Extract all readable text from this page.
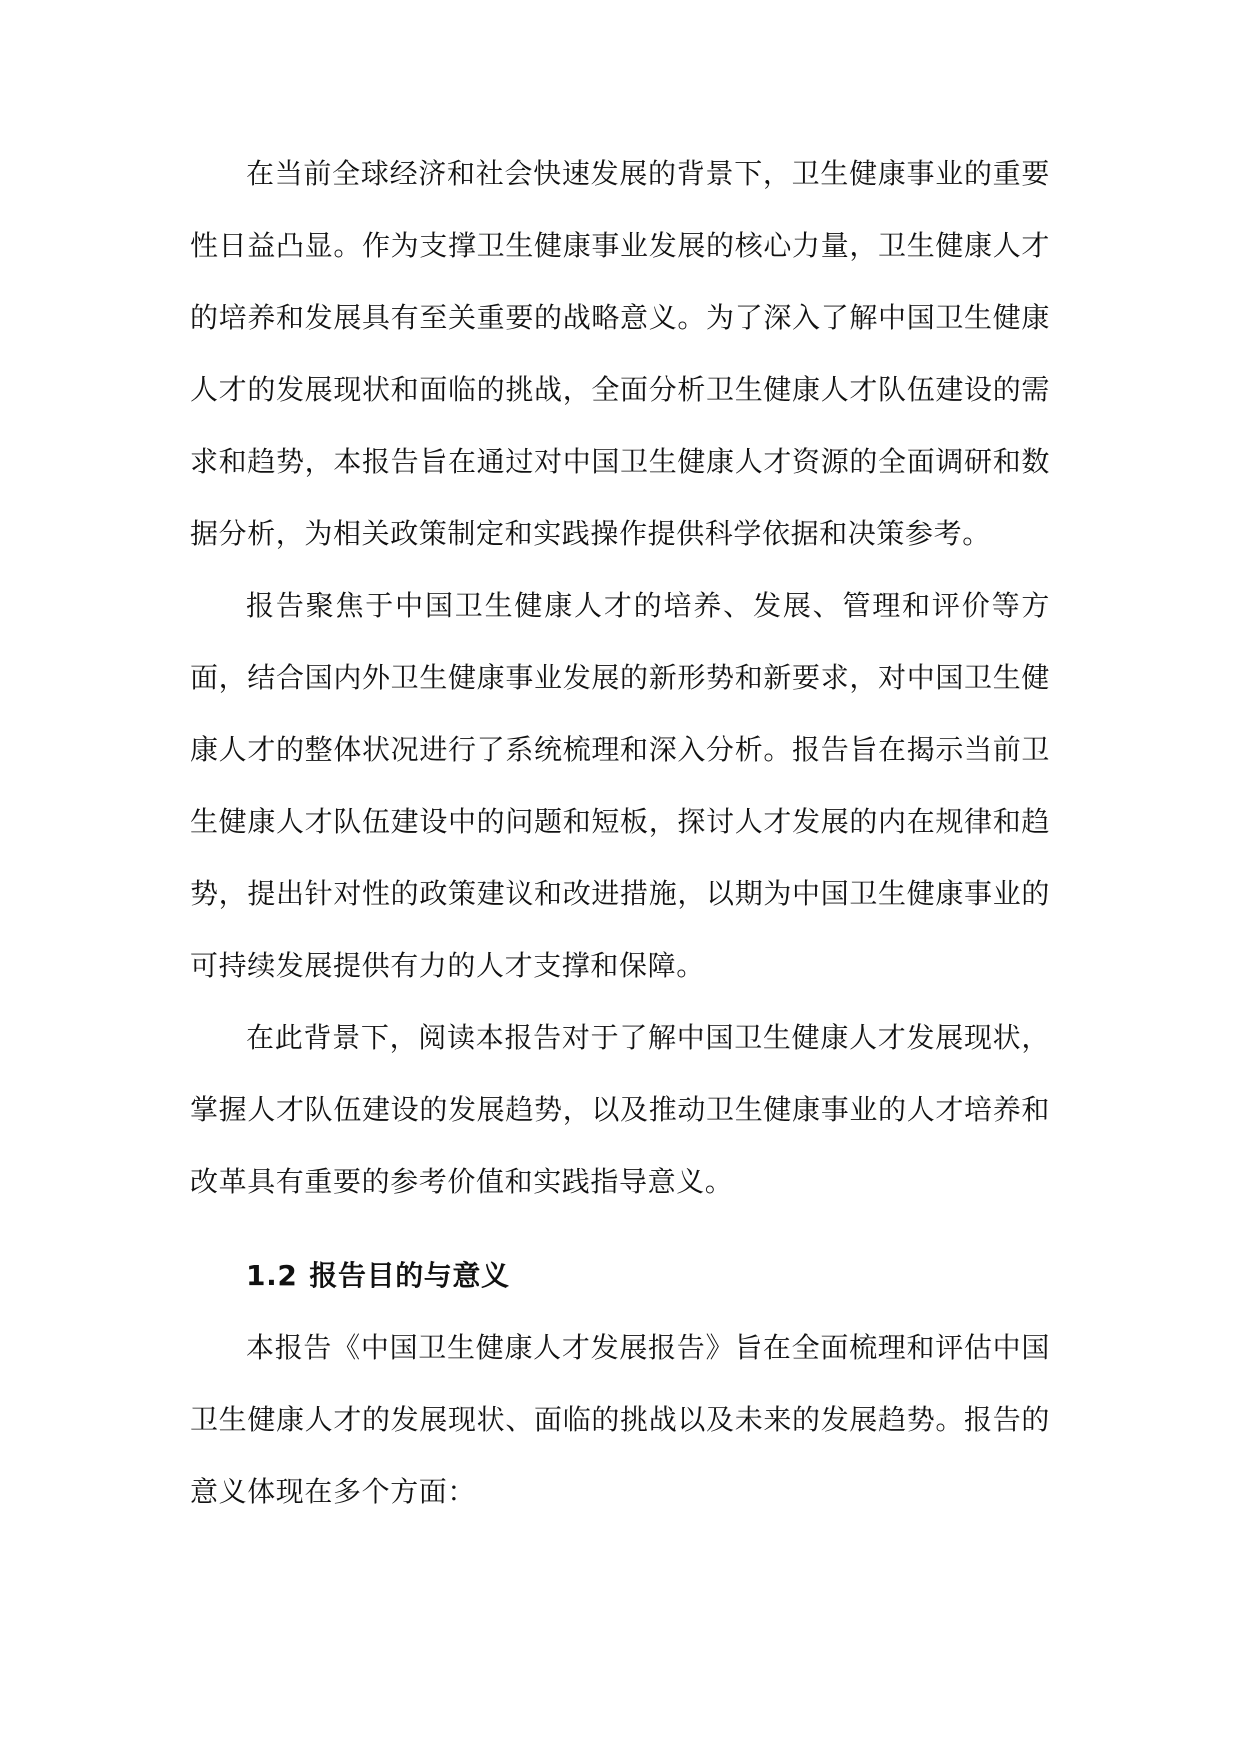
在当前全球经济和社会快速发展的背景下，卫生健康事业的重要性日益凸显。作为支撑卫生健康事业发展的核心力量，卫生健康人才的培养和发展具有至关重要的战略意义。为了深入了解中国卫生健康人才的发展现状和面临的挑战，全面分析卫生健康人才队伍建设的需求和趋势，本报告旨在通过对中国卫生健康人才资源的全面调研和数据分析，为相关政策制定和实践操作提供科学依据和决策参考。

报告聚焦于中国卫生健康人才的培养、发展、管理和评价等方面，结合国内外卫生健康事业发展的新形势和新要求，对中国卫生健康人才的整体状况进行了系统梳理和深入分析。报告旨在揭示当前卫生健康人才队伍建设中的问题和短板，探讨人才发展的内在规律和趋势，提出针对性的政策建议和改进措施，以期为中国卫生健康事业的可持续发展提供有力的人才支撑和保障。

在此背景下，阅读本报告对于了解中国卫生健康人才发展现状，掌握人才队伍建设的发展趋势，以及推动卫生健康事业的人才培养和改革具有重要的参考价值和实践指导意义。

1.2 报告目的与意义

本报告《中国卫生健康人才发展报告》旨在全面梳理和评估中国卫生健康人才的发展现状、面临的挑战以及未来的发展趋势。报告的意义体现在多个方面：
